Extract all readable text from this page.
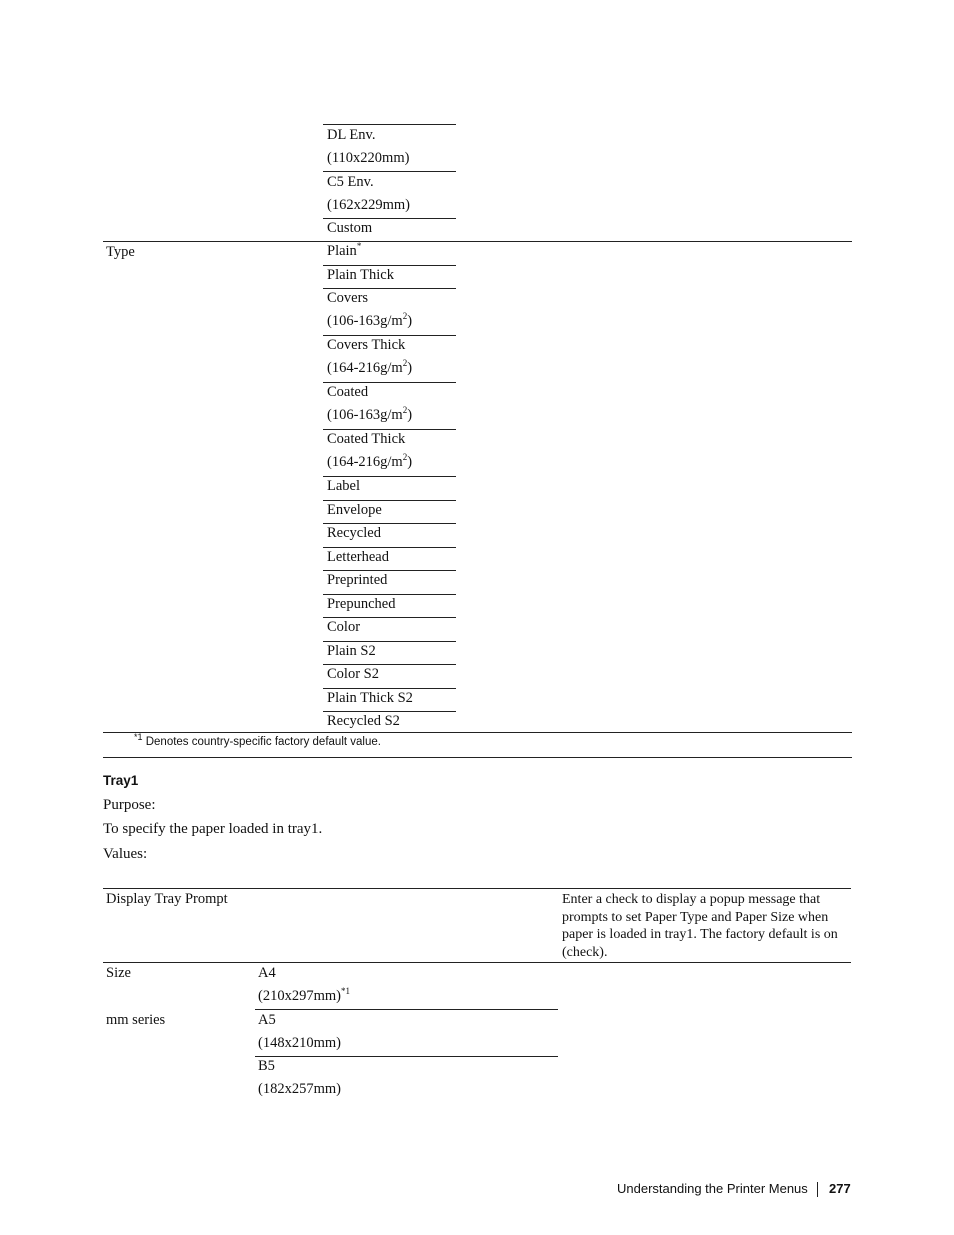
DL Env.
(110x220mm)
C5 Env.
(162x229mm)
Custom
Type	Plain*
Plain Thick
Covers
$(106-163g/m^2)$
Covers Thick
$(164-216g/m^2)$
Coated
$(106-163g/m^2)$
Coated Thick
$(164-216g/m^2)$
Label
Envelope
Recycled
Letterhead
Preprinted
Prepunched
Color
Plain S2
Color S2
Plain Thick S2
Recycled S2
$^{*1}$ Denotes country-specific factory default value.
Tray1
Purpose:
To specify the paper loaded in tray1.
Values:
Display Tray Prompt	Enter a check to display a popup message that prompts to set Paper Type and Paper Size when paper is loaded in tray1. The factory default is on (check).
Size
mm series
A4
$(210x297mm)^{*1}$
A5
(148x210mm)
B5
(182x257mm)
Understanding the Printer Menus 277
